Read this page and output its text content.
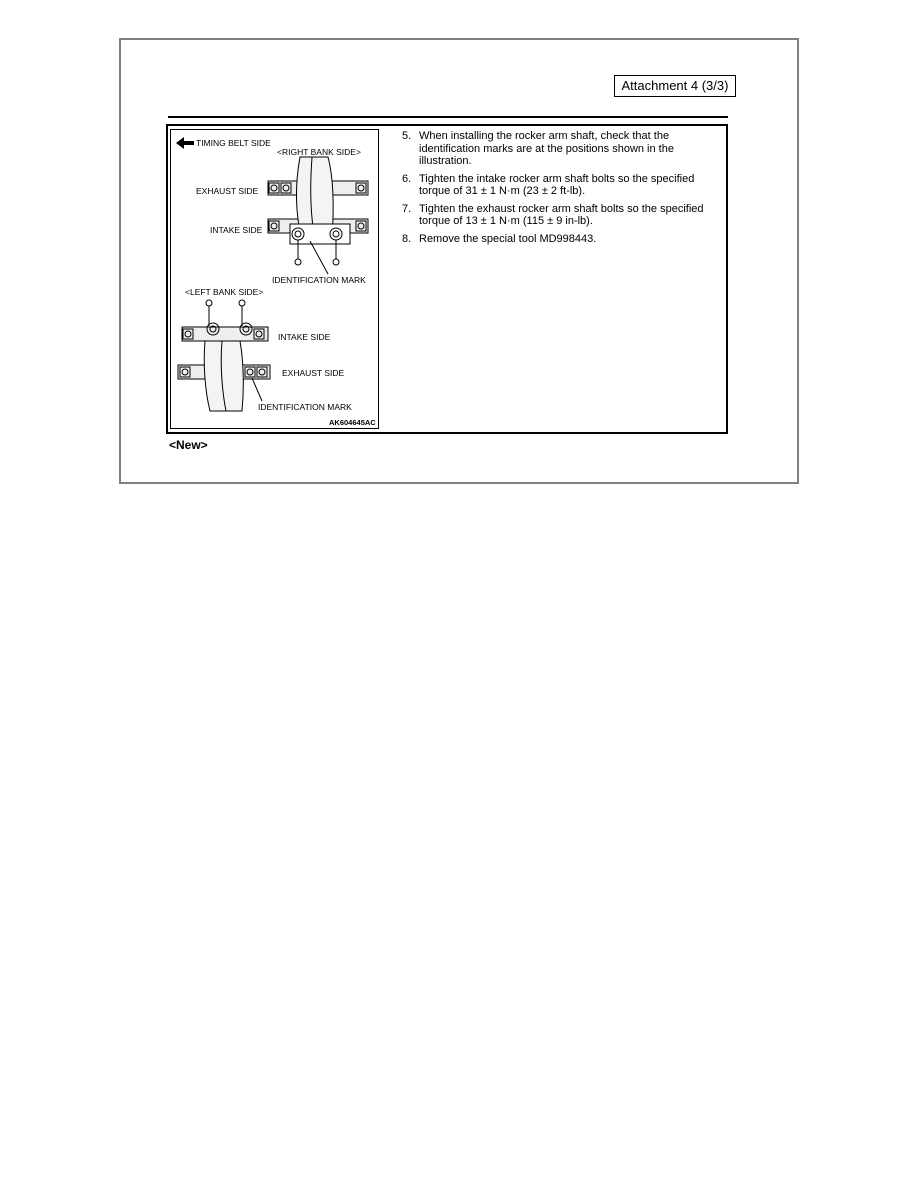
Attachment 4 (3/3)
TIMING BELT SIDE
<RIGHT BANK SIDE>
EXHAUST SIDE
INTAKE SIDE
IDENTIFICATION MARK
<LEFT BANK SIDE>
INTAKE SIDE
EXHAUST SIDE
IDENTIFICATION MARK
AK604645AC
5. When installing the rocker arm shaft, check that the identification marks are at the positions shown in the illustration.
6. Tighten the intake rocker arm shaft bolts so the specified torque of 31 ± 1 N·m (23 ± 2 ft-lb).
7. Tighten the exhaust rocker arm shaft bolts so the specified torque of 13 ± 1 N·m (115 ± 9 in-lb).
8. Remove the special tool MD998443.
<New>
